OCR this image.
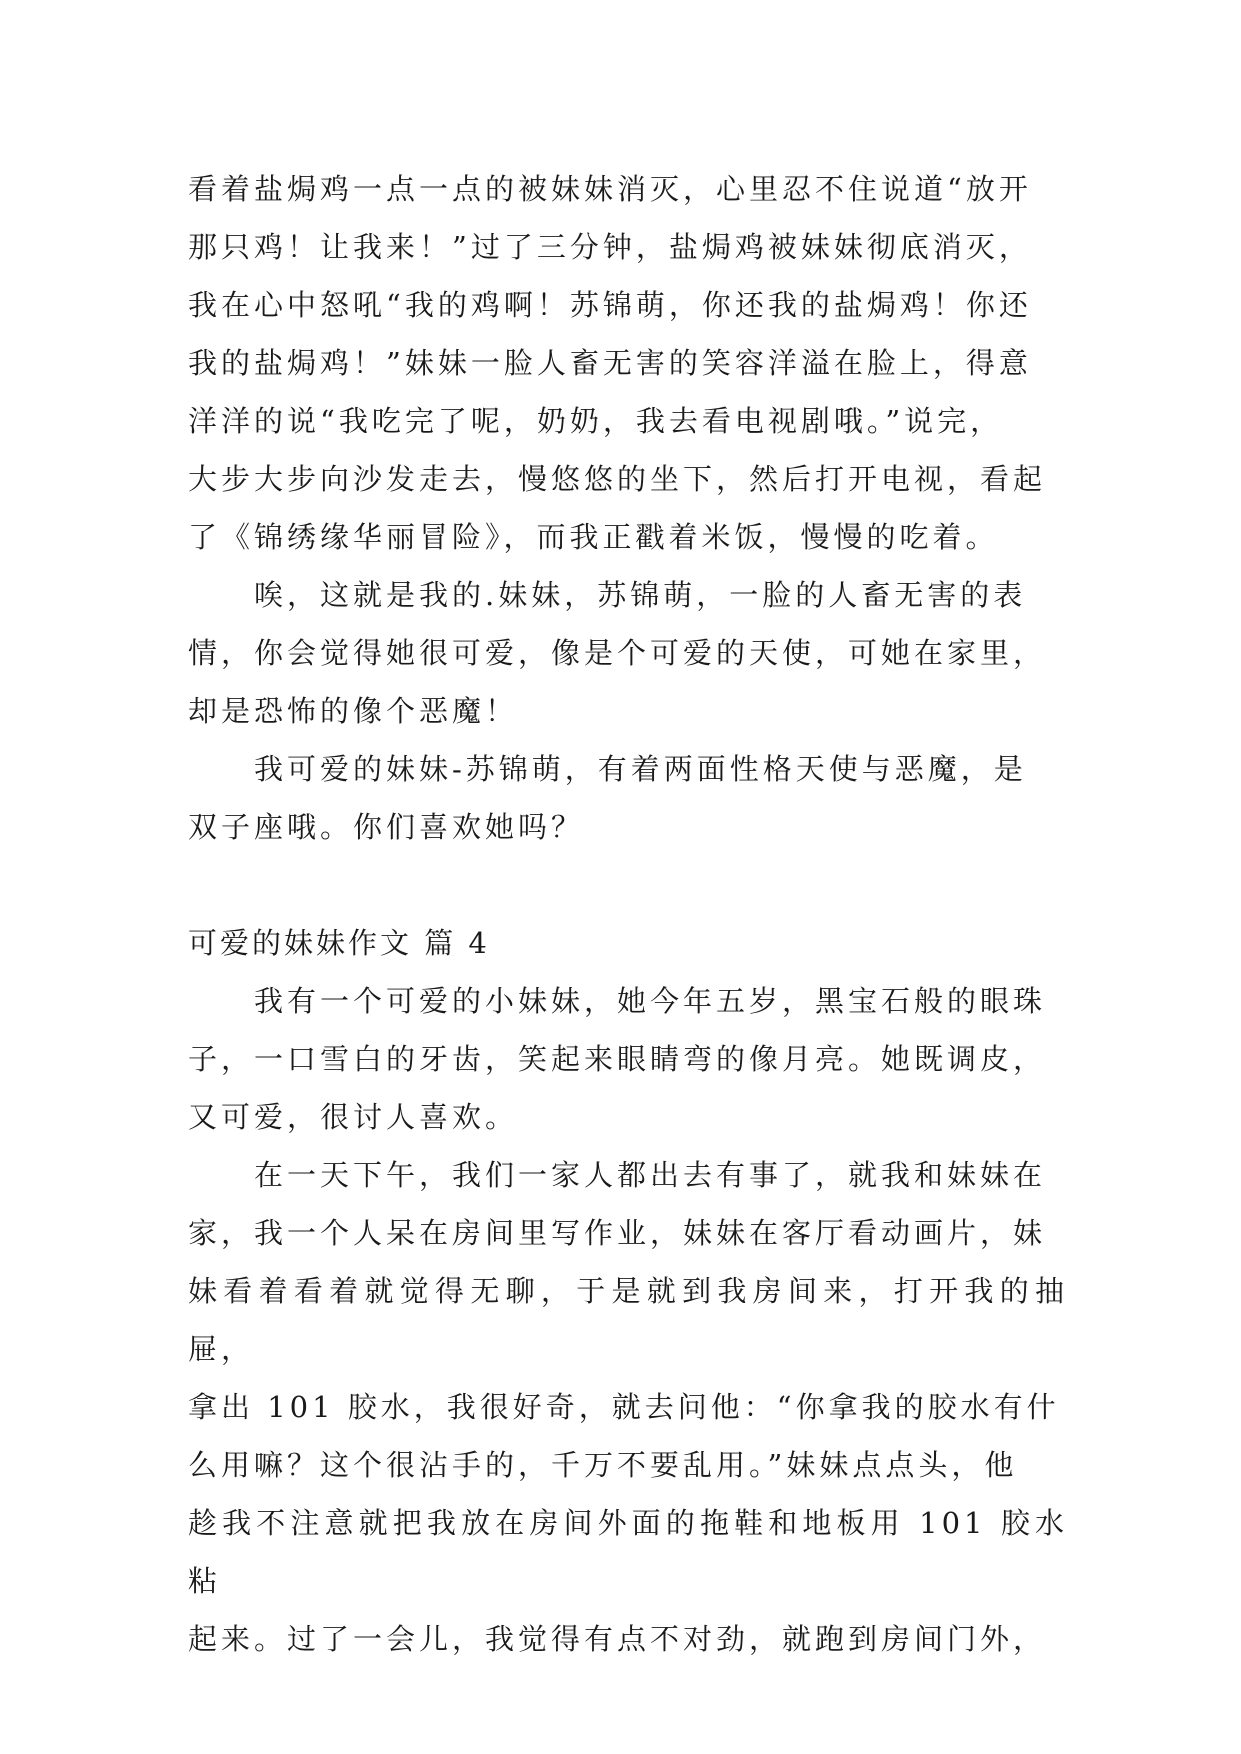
看着盐焗鸡一点一点的被妹妹消灭，心里忍不住说道“放开
那只鸡！让我来！”过了三分钟，盐焗鸡被妹妹彻底消灭，
我在心中怒吼“我的鸡啊！苏锦萌，你还我的盐焗鸡！你还
我的盐焗鸡！”妹妹一脸人畜无害的笑容洋溢在脸上，得意
洋洋的说“我吃完了呢，奶奶，我去看电视剧哦。”说完，
大步大步向沙发走去，慢悠悠的坐下，然后打开电视，看起
了《锦绣缘华丽冒险》，而我正戳着米饭，慢慢的吃着。

唉，这就是我的.妹妹，苏锦萌，一脸的人畜无害的表
情，你会觉得她很可爱，像是个可爱的天使，可她在家里，
却是恐怖的像个恶魔！

我可爱的妹妹-苏锦萌，有着两面性格天使与恶魔，是
双子座哦。你们喜欢她吗？

可爱的妹妹作文 篇 4

我有一个可爱的小妹妹，她今年五岁，黑宝石般的眼珠
子，一口雪白的牙齿，笑起来眼睛弯的像月亮。她既调皮，
又可爱，很讨人喜欢。

在一天下午，我们一家人都出去有事了，就我和妹妹在
家，我一个人呆在房间里写作业，妹妹在客厅看动画片，妹
妹看着看着就觉得无聊，于是就到我房间来，打开我的抽屉，
拿出 101 胶水，我很好奇，就去问他：“你拿我的胶水有什
么用嘛？这个很沾手的，千万不要乱用。”妹妹点点头，他
趁我不注意就把我放在房间外面的拖鞋和地板用 101 胶水粘
起来。过了一会儿，我觉得有点不对劲，就跑到房间门外，
